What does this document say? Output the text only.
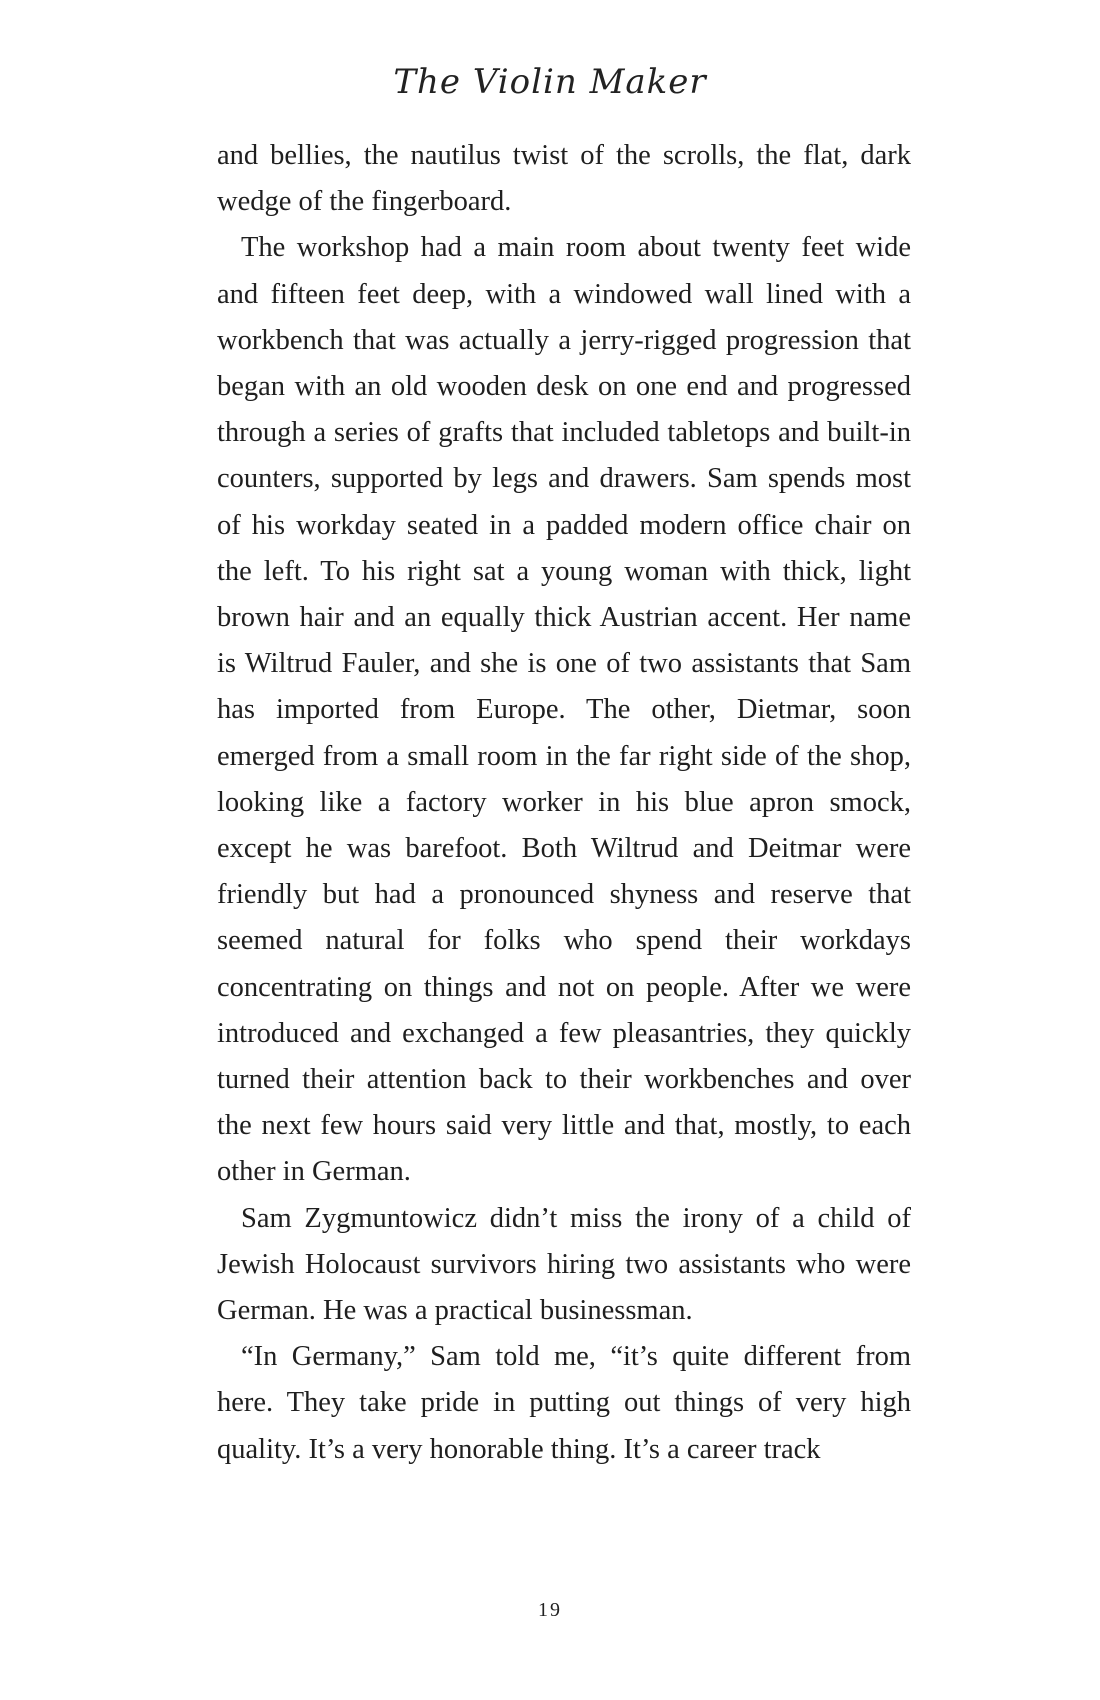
The Violin Maker

and bellies, the nautilus twist of the scrolls, the flat, dark wedge of the fingerboard.

The workshop had a main room about twenty feet wide and fifteen feet deep, with a windowed wall lined with a workbench that was actually a jerry-rigged progression that began with an old wooden desk on one end and progressed through a series of grafts that included tabletops and built-in counters, supported by legs and drawers. Sam spends most of his workday seated in a padded modern office chair on the left. To his right sat a young woman with thick, light brown hair and an equally thick Austrian accent. Her name is Wiltrud Fauler, and she is one of two assistants that Sam has imported from Europe. The other, Dietmar, soon emerged from a small room in the far right side of the shop, looking like a factory worker in his blue apron smock, except he was barefoot. Both Wiltrud and Deitmar were friendly but had a pronounced shyness and reserve that seemed natural for folks who spend their workdays concentrating on things and not on people. After we were introduced and exchanged a few pleasantries, they quickly turned their attention back to their workbenches and over the next few hours said very little and that, mostly, to each other in German.

Sam Zygmuntowicz didn’t miss the irony of a child of Jewish Holocaust survivors hiring two assistants who were German. He was a practical businessman.

“In Germany,” Sam told me, “it’s quite different from here. They take pride in putting out things of very high quality. It’s a very honorable thing. It’s a career track

19
